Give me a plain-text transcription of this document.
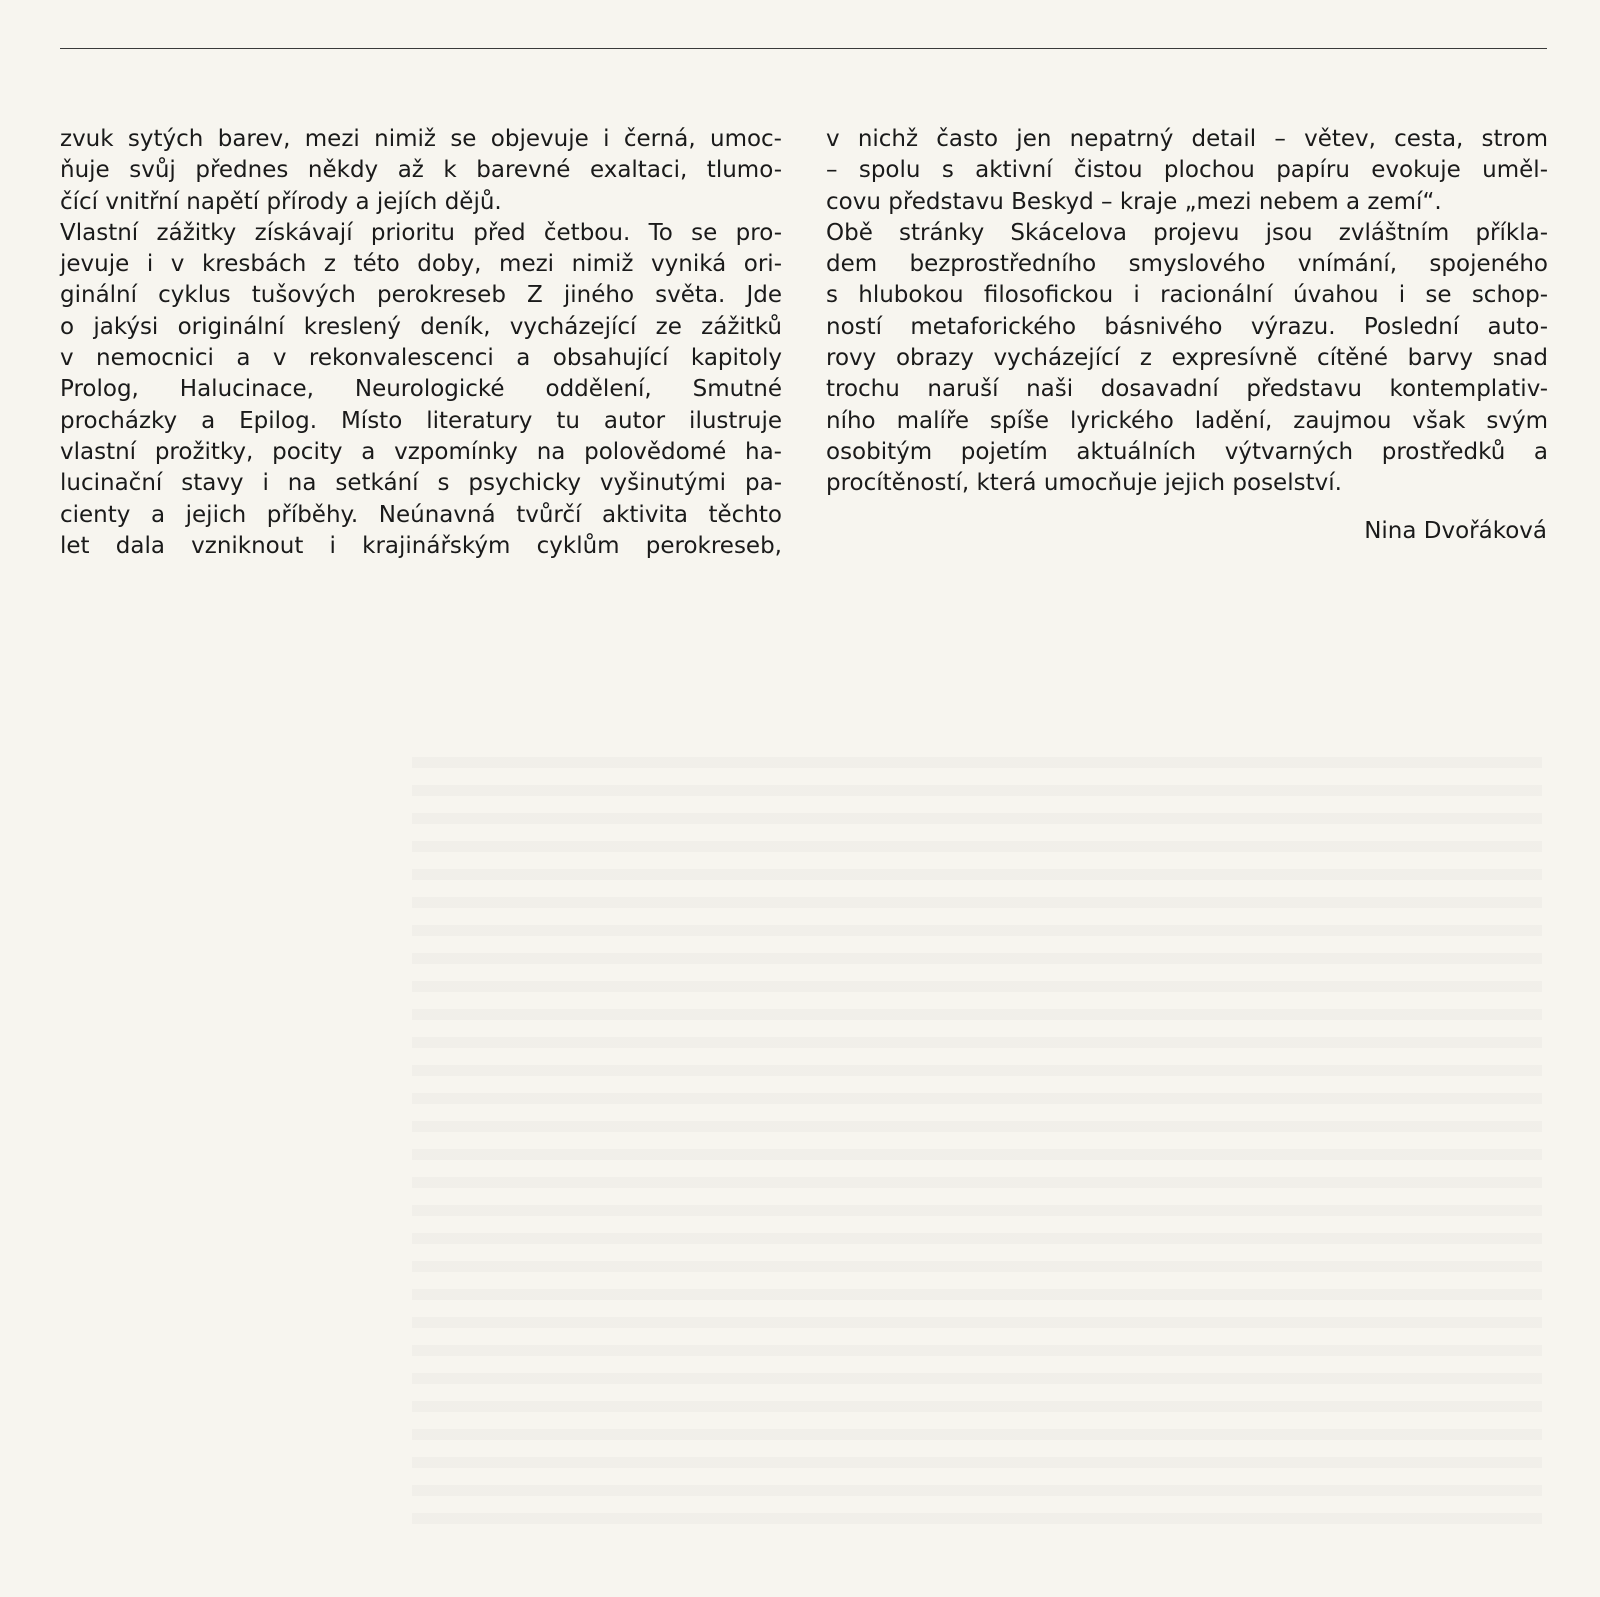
zvuk sytých barev, mezi nimiž se objevuje i černá, umoc-
ňuje svůj přednes někdy až k barevné exaltaci, tlumo-
čící vnitřní napětí přírody a jejích dějů.
Vlastní zážitky získávají prioritu před četbou. To se pro-
jevuje i v kresbách z této doby, mezi nimiž vyniká ori-
ginální cyklus tušových perokreseb Z jiného světa. Jde
o jakýsi originální kreslený deník, vycházející ze zážitků
v nemocnici a v rekonvalescenci a obsahující kapitoly
Prolog, Halucinace, Neurologické oddělení, Smutné
procházky a Epilog. Místo literatury tu autor ilustruje
vlastní prožitky, pocity a vzpomínky na polovědomé ha-
lucinační stavy i na setkání s psychicky vyšinutými pa-
cienty a jejich příběhy. Neúnavná tvůrčí aktivita těchto
let dala vzniknout i krajinářským cyklům perokreseb,
v nichž často jen nepatrný detail – větev, cesta, strom
– spolu s aktivní čistou plochou papíru evokuje uměl-
covu představu Beskyd – kraje „mezi nebem a zemí“.
Obě stránky Skácelova projevu jsou zvláštním příkla-
dem bezprostředního smyslového vnímání, spojeného
s hlubokou filosofickou i racionální úvahou i se schop-
ností metaforického básnivého výrazu. Poslední auto-
rovy obrazy vycházející z expresívně cítěné barvy snad
trochu naruší naši dosavadní představu kontemplativ-
ního malíře spíše lyrického ladění, zaujmou však svým
osobitým pojetím aktuálních výtvarných prostředků a
procítěností, která umocňuje jejich poselství.
Nina Dvořáková
